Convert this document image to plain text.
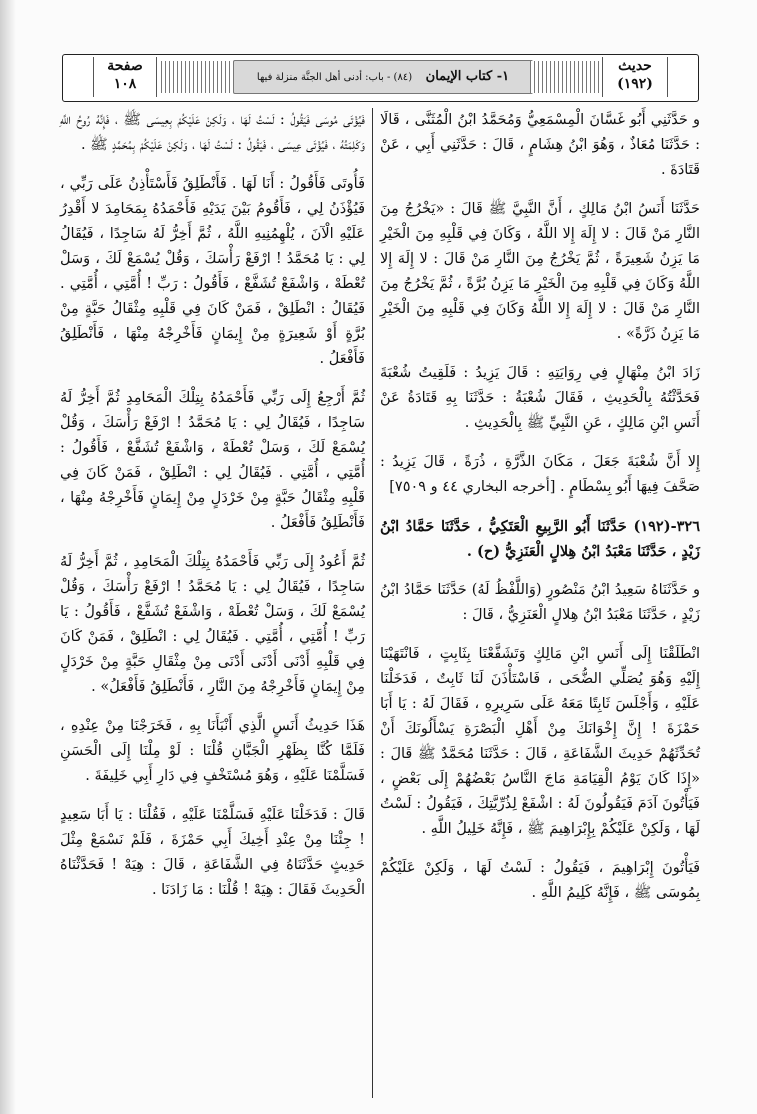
صفحة
١٠٨	١- كتاب الإيمان   (٨٤) - باب: أدنى أهل الجنَّة منزلة فيها
حديث
(١٩٢)

و حَدَّثَنِي أَبُو غَسَّانَ الْمِسْمَعِيُّ وَمُحَمَّدُ ابْنُ الْمُثَنَّى ، قَالَا : حَدَّثَنَا مُعَاذٌ ، وَهُوَ ابْنُ هِشَامٍ ، قَالَ : حَدَّثَنِي أَبِي ، عَنْ قَتَادَةَ .

حَدَّثَنَا أَنَسُ ابْنُ مَالِكٍ ، أَنَّ النَّبِيَّ ﷺ قَالَ : «يَخْرُجُ مِنَ النَّارِ مَنْ قَالَ : لا إِلَهَ إِلا اللَّهُ ، وَكَانَ فِي قَلْبِهِ مِنَ الْخَيْرِ مَا يَزِنُ شَعِيرَةً ، ثُمَّ يَخْرُجُ مِنَ النَّارِ مَنْ قَالَ : لا إِلَهَ إِلا اللَّهُ وَكَانَ فِي قَلْبِهِ مِنَ الْخَيْرِ مَا يَزِنُ بُرَّةً ، ثُمَّ يَخْرُجُ مِنَ النَّارِ مَنْ قَالَ : لا إِلَهَ إِلا اللَّهُ وَكَانَ فِي قَلْبِهِ مِنَ الْخَيْرِ مَا يَزِنُ ذَرَّةً» .

زَادَ ابْنُ مِنْهَالٍ فِي رِوَايَتِهِ : قَالَ يَزِيدُ : فَلَقِيتُ شُعْبَةَ فَحَدَّثْتُهُ بِالْحَدِيثِ ، فَقَالَ شُعْبَةُ : حَدَّثَنَا بِهِ قَتَادَةُ عَنْ أَنَسِ ابْنِ مَالِكٍ ، عَنِ النَّبِيِّ ﷺ بِالْحَدِيثِ .

إِلا أَنَّ شُعْبَةَ جَعَلَ ، مَكَانَ الذَّرَّةِ ، ذُرَةً ، قَالَ يَزِيدُ : صَحَّفَ فِيهَا أَبُو بِسْطَامٍ . [أخرجه البخاري ٤٤ و ٧٥٠٩]

٣٢٦-(١٩٢) حَدَّثَنَا أَبُو الرَّبِيعِ الْعَتَكِيُّ ، حَدَّثَنَا حَمَّادُ ابْنُ زَيْدٍ ، حَدَّثَنَا مَعْبَدُ ابْنُ هِلالٍ الْعَنَزِيُّ (ح) .

و حَدَّثَنَاهُ سَعِيدُ ابْنُ مَنْصُورٍ (وَاللَّفْظُ لَهُ) حَدَّثَنَا حَمَّادُ ابْنُ زَيْدٍ ، حَدَّثَنَا مَعْبَدُ ابْنُ هِلالٍ الْعَنَزِيُّ ، قَالَ :

انْطَلَقْنَا إِلَى أَنَسِ ابْنِ مَالِكٍ وَتَشَفَّعْنَا بِثَابِتٍ ، فَانْتَهَيْنَا إِلَيْهِ وَهُوَ يُصَلِّي الضُّحَى ، فَاسْتَأْذَنَ لَنَا ثَابِتٌ ، فَدَخَلْنَا عَلَيْهِ ، وَأَجْلَسَ ثَابِتًا مَعَهُ عَلَى سَرِيرِهِ ، فَقَالَ لَهُ : يَا أَبَا حَمْزَةَ ! إِنَّ إِخْوَانَكَ مِنْ أَهْلِ الْبَصْرَةِ يَسْأَلُونَكَ أَنْ تُحَدِّثَهُمْ حَدِيثَ الشَّفَاعَةِ ، قَالَ : حَدَّثَنَا مُحَمَّدٌ ﷺ قَالَ : «إِذَا كَانَ يَوْمُ الْقِيَامَةِ مَاجَ النَّاسُ بَعْضُهُمْ إِلَى بَعْضٍ ، فَيَأْتُونَ آدَمَ فَيَقُولُونَ لَهُ : اشْفَعْ لِذُرِّيَّتِكَ ، فَيَقُولُ : لَسْتُ لَهَا ، وَلَكِنْ عَلَيْكُمْ بِإِبْرَاهِيمَ ﷺ ، فَإِنَّهُ خَلِيلُ اللَّهِ .

فَيَأْتُونَ إِبْرَاهِيمَ ، فَيَقُولُ : لَسْتُ لَهَا ، وَلَكِنْ عَلَيْكُمْ بِمُوسَى ﷺ ، فَإِنَّهُ كَلِيمُ اللَّهِ .

فَيُؤْتَى مُوسَى فَيَقُولُ : لَسْتُ لَهَا ، وَلَكِنْ عَلَيْكُمْ بِعِيسَى ﷺ ، فَإِنَّهُ رُوحُ اللَّهِ وَكَلِمَتُهُ ، فَيُؤْتَى عِيسَى ، فَيَقُولُ : لَسْتُ لَهَا ، وَلَكِنْ عَلَيْكُمْ بِمُحَمَّدٍ ﷺ .

فَأُوتَى فَأَقُولُ : أَنَا لَهَا . فَأَنْطَلِقُ فَأَسْتَأْذِنُ عَلَى رَبِّي ، فَيُؤْذَنُ لِي ، فَأَقُومُ بَيْنَ يَدَيْهِ فَأَحْمَدُهُ بِمَحَامِدَ لا أَقْدِرُ عَلَيْهِ الْآنَ ، يُلْهِمُنِيهِ اللَّهُ ، ثُمَّ أَخِرُّ لَهُ سَاجِدًا ، فَيُقَالُ لِي : يَا مُحَمَّدُ ! ارْفَعْ رَأْسَكَ ، وَقُلْ يُسْمَعْ لَكَ ، وَسَلْ تُعْطَهْ ، وَاشْفَعْ تُشَفَّعْ ، فَأَقُولُ : رَبِّ ! أُمَّتِي ، أُمَّتِي . فَيُقَالُ : انْطَلِقْ ، فَمَنْ كَانَ فِي قَلْبِهِ مِثْقَالُ حَبَّةٍ مِنْ بُرَّةٍ أَوْ شَعِيرَةٍ مِنْ إِيمَانٍ فَأَخْرِجْهُ مِنْهَا ، فَأَنْطَلِقُ فَأَفْعَلُ .

ثُمَّ أَرْجِعُ إِلَى رَبِّي فَأَحْمَدُهُ بِتِلْكَ الْمَحَامِدِ ثُمَّ أَخِرُّ لَهُ سَاجِدًا ، فَيُقَالُ لِي : يَا مُحَمَّدُ ! ارْفَعْ رَأْسَكَ ، وَقُلْ يُسْمَعْ لَكَ ، وَسَلْ تُعْطَهْ ، وَاشْفَعْ تُشَفَّعْ ، فَأَقُولُ : أُمَّتِي ، أُمَّتِي . فَيُقَالُ لِي : انْطَلِقْ ، فَمَنْ كَانَ فِي قَلْبِهِ مِثْقَالُ حَبَّةٍ مِنْ خَرْدَلٍ مِنْ إِيمَانٍ فَأَخْرِجْهُ مِنْهَا ، فَأَنْطَلِقُ فَأَفْعَلُ .

ثُمَّ أَعُودُ إِلَى رَبِّي فَأَحْمَدُهُ بِتِلْكَ الْمَحَامِدِ ، ثُمَّ أَخِرُّ لَهُ سَاجِدًا ، فَيُقَالُ لِي : يَا مُحَمَّدُ ! ارْفَعْ رَأْسَكَ ، وَقُلْ يُسْمَعْ لَكَ ، وَسَلْ تُعْطَهْ ، وَاشْفَعْ تُشَفَّعْ ، فَأَقُولُ : يَا رَبِّ ! أُمَّتِي ، أُمَّتِي . فَيُقَالُ لِي : انْطَلِقْ ، فَمَنْ كَانَ فِي قَلْبِهِ أَدْنَى أَدْنَى أَدْنَى مِنْ مِثْقَالِ حَبَّةٍ مِنْ خَرْدَلٍ مِنْ إِيمَانٍ فَأَخْرِجْهُ مِنَ النَّارِ ، فَأَنْطَلِقُ فَأَفْعَلُ» .

هَذَا حَدِيثُ أَنَسٍ الَّذِي أَنْبَأَنَا بِهِ ، فَخَرَجْنَا مِنْ عِنْدِهِ ، فَلَمَّا كُنَّا بِظَهْرِ الْجَبَّانِ قُلْنَا : لَوْ مِلْنَا إِلَى الْحَسَنِ فَسَلَّمْنَا عَلَيْهِ ، وَهُوَ مُسْتَخْفٍ فِي دَارِ أَبِي خَلِيفَةَ .

قَالَ : فَدَخَلْنَا عَلَيْهِ فَسَلَّمْنَا عَلَيْهِ ، فَقُلْنَا : يَا أَبَا سَعِيدٍ ! جِئْنَا مِنْ عِنْدِ أَخِيكَ أَبِي حَمْزَةَ ، فَلَمْ نَسْمَعْ مِثْلَ حَدِيثٍ حَدَّثَنَاهُ فِي الشَّفَاعَةِ ، قَالَ : هِيَهْ ! فَحَدَّثْنَاهُ الْحَدِيثَ فَقَالَ : هِيَهْ ! قُلْنَا : مَا زَادَنَا .
